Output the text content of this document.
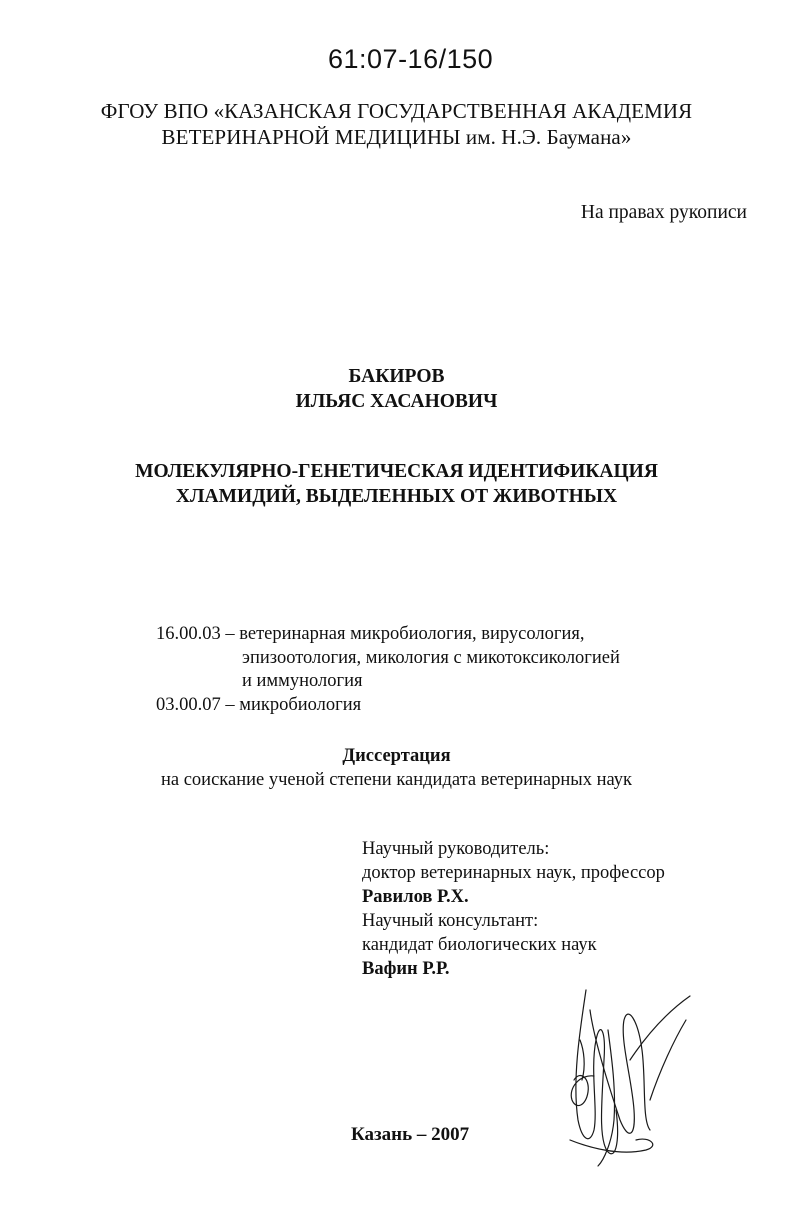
61:07-16/150
ФГОУ ВПО «КАЗАНСКАЯ ГОСУДАРСТВЕННАЯ АКАДЕМИЯ
ВЕТЕРИНАРНОЙ МЕДИЦИНЫ им. Н.Э. Баумана»
На правах рукописи
БАКИРОВ
ИЛЬЯС ХАСАНОВИЧ
МОЛЕКУЛЯРНО-ГЕНЕТИЧЕСКАЯ ИДЕНТИФИКАЦИЯ
ХЛАМИДИЙ, ВЫДЕЛЕННЫХ ОТ ЖИВОТНЫХ
16.00.03 – ветеринарная микробиология, вирусология,
эпизоотология, микология с микотоксикологией
и иммунология
03.00.07 – микробиология
Диссертация
на соискание ученой степени кандидата ветеринарных наук
Научный руководитель:
доктор ветеринарных наук, профессор
Равилов Р.Х.
Научный консультант:
кандидат биологических наук
Вафин Р.Р.
Казань – 2007
